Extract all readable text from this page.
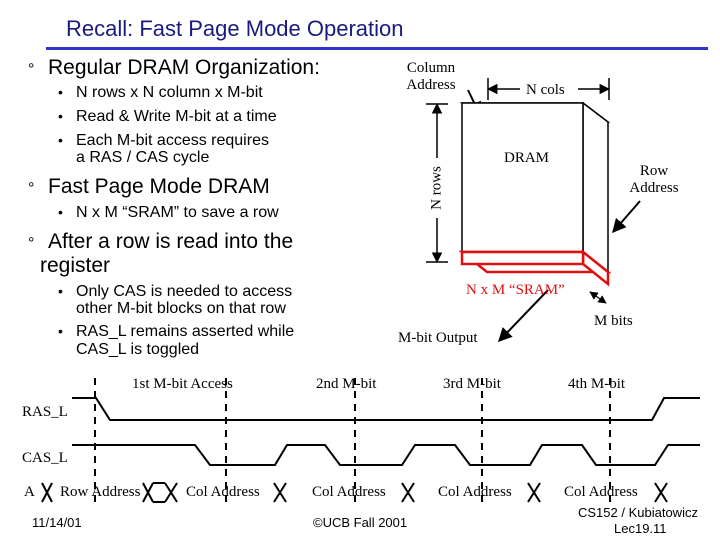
Recall: Fast Page Mode Operation
° Regular DRAM Organization:
• N rows x N column x M-bit
• Read & Write M-bit at a time
• Each M-bit access requires
a RAS / CAS cycle
° Fast Page Mode DRAM
• N x M “SRAM” to save a row
° After a row is read into the
register
• Only CAS is needed to access
other M-bit blocks on that row
• RAS_L remains asserted while
CAS_L is toggled
Column Address	N cols
N rows
DRAM
Row Address
N x M “SRAM”
M bits
M-bit Output
1st M-bit Access	2nd M-bit	3rd M-bit	4th M-bit
RAS_L
CAS_L
A Row Address	Col Address	Col Address	Col Address	Col Address
11/14/01	©UCB Fall 2001
CS152 / Kubiatowicz
Lec19.11
